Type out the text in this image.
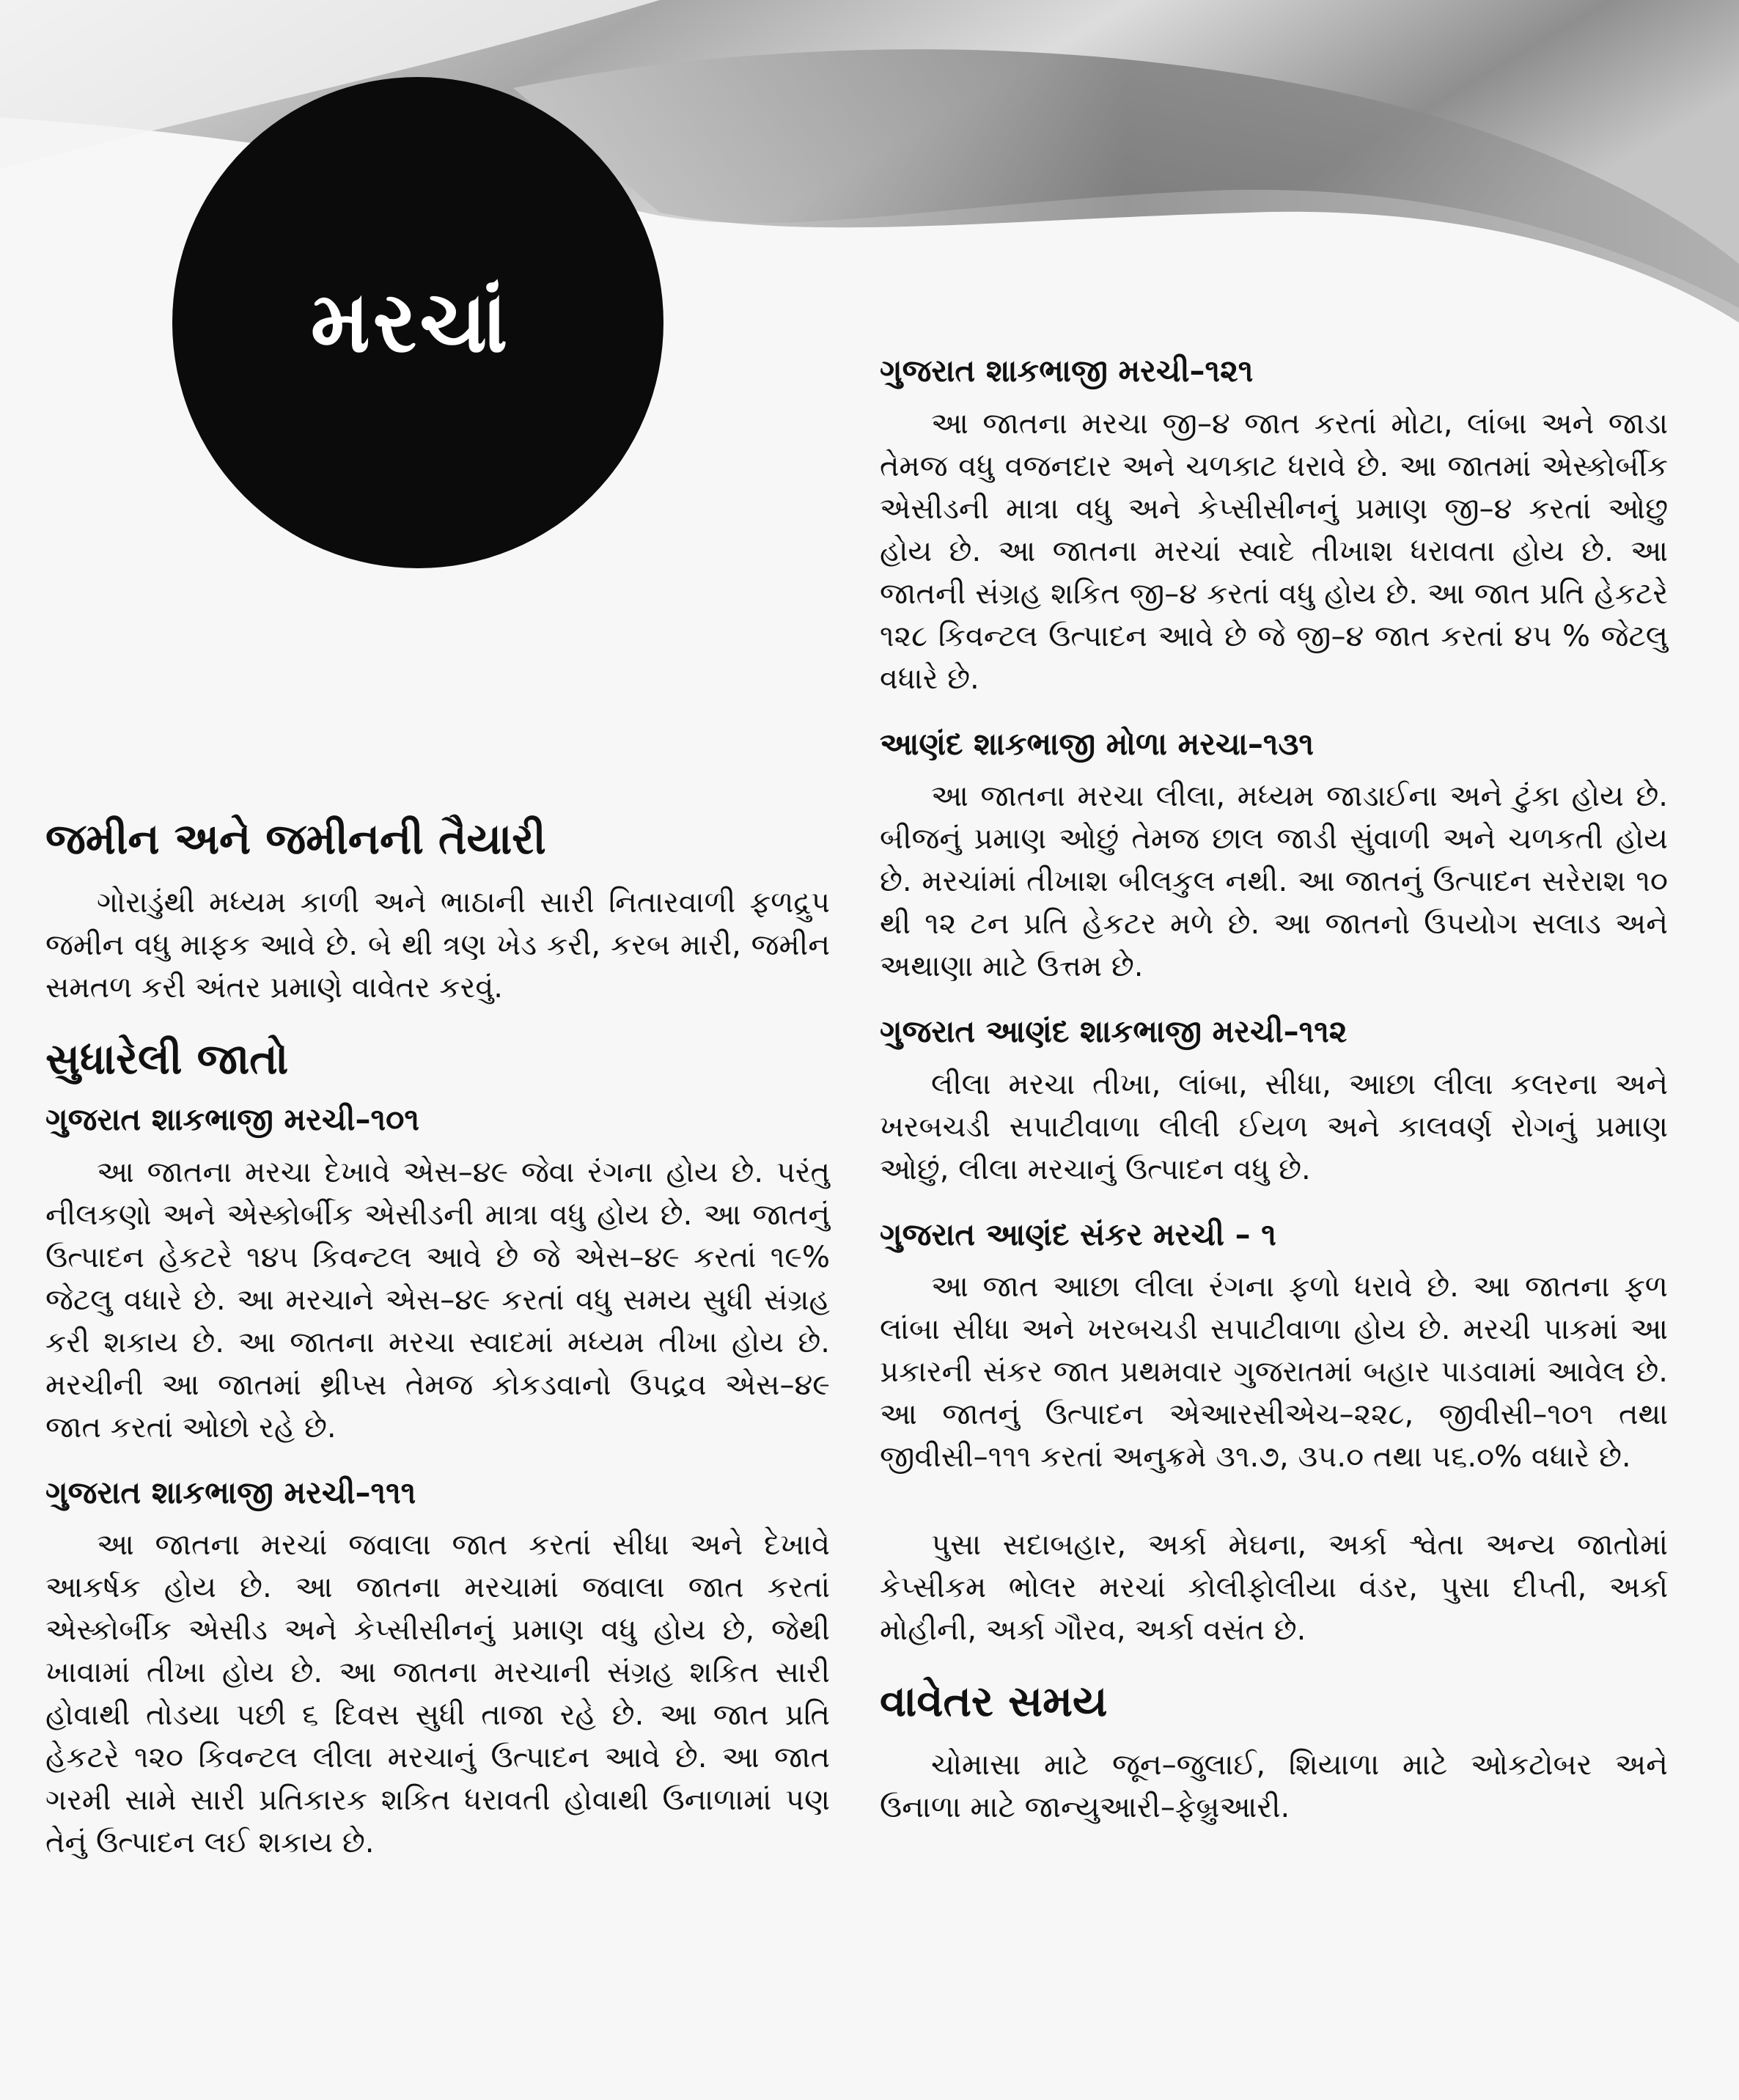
મરચાં
જમીન અને જમીનની તૈયારી

ગોરાડુંથી મધ્યમ કાળી અને ભાઠાની સારી નિતારવાળી ફળદ્રુપ જમીન વધુ માફક આવે છે. બે થી ત્રણ ખેડ કરી, કરબ મારી, જમીન સમતળ કરી અંતર પ્રમાણે વાવેતર કરવું.

સુધારેલી જાતો
ગુજરાત શાકભાજી મરચી–૧૦૧

આ જાતના મરચા દેખાવે એસ–૪૯ જેવા રંગના હોય છે. પરંતુ નીલકણો અને એસ્કોર્બીક એસીડની માત્રા વધુ હોય છે. આ જાતનું ઉત્પાદન હેકટરે ૧૪૫ કિવન્ટલ આવે છે જે એસ–૪૯ કરતાં ૧૯% જેટલુ વધારે છે. આ મરચાને એસ–૪૯ કરતાં વધુ સમય સુધી સંગ્રહ કરી શકાય છે. આ જાતના મરચા સ્વાદમાં મધ્યમ તીખા હોય છે. મરચીની આ જાતમાં થ્રીપ્સ તેમજ કોકડવાનો ઉપદ્રવ એસ–૪૯ જાત કરતાં ઓછો રહે છે.

ગુજરાત શાકભાજી મરચી–૧૧૧

આ જાતના મરચાં જવાલા જાત કરતાં સીધા અને દેખાવે આકર્ષક હોય છે. આ જાતના મરચામાં જવાલા જાત કરતાં એસ્કોર્બીક એસીડ અને કેપ્સીસીનનું પ્રમાણ વધુ હોય છે, જેથી ખાવામાં તીખા હોય છે. આ જાતના મરચાની સંગ્રહ શકિત સારી હોવાથી તોડયા પછી ૬ દિવસ સુધી તાજા રહે છે. આ જાત પ્રતિ હેકટરે ૧૨૦ કિવન્ટલ લીલા મરચાનું ઉત્પાદન આવે છે. આ જાત ગરમી સામે સારી પ્રતિકારક શકિત ધરાવતી હોવાથી ઉનાળામાં પણ તેનું ઉત્પાદન લઈ શકાય છે.

ગુજરાત શાકભાજી મરચી–૧૨૧

આ જાતના મરચા જી–૪ જાત કરતાં મોટા, લાંબા અને જાડા તેમજ વધુ વજનદાર અને ચળકાટ ધરાવે છે. આ જાતમાં એસ્કોર્બીક એસીડની માત્રા વધુ અને કેપ્સીસીનનું પ્રમાણ જી–૪ કરતાં ઓછુ હોય છે. આ જાતના મરચાં સ્વાદે તીખાશ ધરાવતા હોય છે. આ જાતની સંગ્રહ શકિત જી–૪ કરતાં વધુ હોય છે. આ જાત પ્રતિ હેકટરે ૧૨૮ કિવન્ટલ ઉત્પાદન આવે છે જે જી–૪ જાત કરતાં ૪૫ % જેટલુ વધારે છે.

આણંદ શાકભાજી મોળા મરચા–૧૩૧

આ જાતના મરચા લીલા, મધ્યમ જાડાઈના અને ટુંકા હોય છે. બીજનું પ્રમાણ ઓછું તેમજ છાલ જાડી સુંવાળી અને ચળકતી હોય છે. મરચાંમાં તીખાશ બીલકુલ નથી. આ જાતનું ઉત્પાદન સરેરાશ ૧૦ થી ૧૨ ટન પ્રતિ હેકટર મળે છે. આ જાતનો ઉપયોગ સલાડ અને અથાણા માટે ઉત્તમ છે.

ગુજરાત આણંદ શાકભાજી મરચી–૧૧૨

લીલા મરચા તીખા, લાંબા, સીધા, આછા લીલા કલરના અને ખરબચડી સપાટીવાળા લીલી ઈયળ અને કાલવર્ણ રોગનું પ્રમાણ ઓછું, લીલા મરચાનું ઉત્પાદન વધુ છે.

ગુજરાત આણંદ સંકર મરચી – ૧

આ જાત આછા લીલા રંગના ફળો ધરાવે છે. આ જાતના ફળ લાંબા સીધા અને ખરબચડી સપાટીવાળા હોય છે. મરચી પાકમાં આ પ્રકારની સંકર જાત પ્રથમવાર ગુજરાતમાં બહાર પાડવામાં આવેલ છે. આ જાતનું ઉત્પાદન એઆરસીએચ–૨૨૮, જીવીસી–૧૦૧ તથા જીવીસી–૧૧૧ કરતાં અનુક્રમે ૩૧.૭, ૩૫.૦ તથા ૫૬.૦% વધારે છે.

પુસા સદાબહાર, અર્કા મેઘના, અર્કા શ્વેતા અન્ય જાતોમાં કેપ્સીકમ ભોલર મરચાં કોલીફોલીયા વંડર, પુસા દીપ્તી, અર્કા મોહીની, અર્કા ગૌરવ, અર્કા વસંત છે.

વાવેતર સમય

ચોમાસા માટે જૂન–જુલાઈ, શિયાળા માટે ઓકટોબર અને ઉનાળા માટે જાન્યુઆરી–ફેબ્રુઆરી.
